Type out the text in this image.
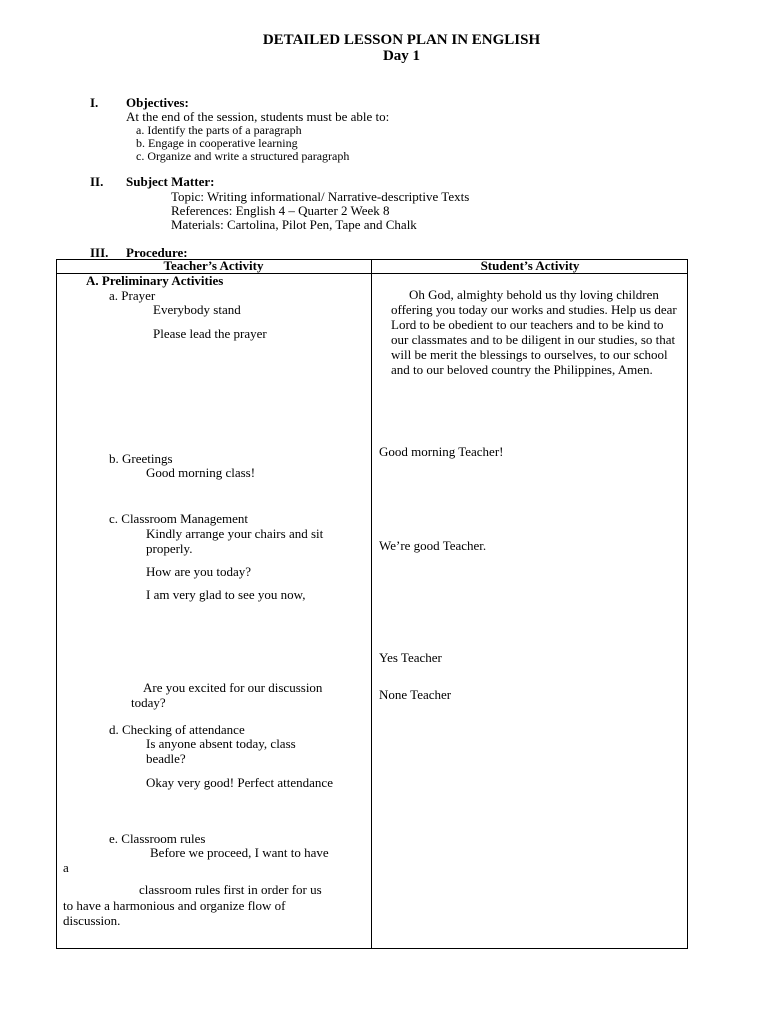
DETAILED LESSON PLAN IN ENGLISH
Day 1
I. Objectives:
At the end of the session, students must be able to:
a. Identify the parts of a paragraph
b. Engage in cooperative learning
c. Organize and write a structured paragraph
II. Subject Matter:
Topic: Writing informational/ Narrative-descriptive Texts
References: English 4 – Quarter 2 Week 8
Materials: Cartolina, Pilot Pen, Tape and Chalk
III. Procedure:
Teacher’s Activity	Student’s Activity
A. Preliminary Activities
a. Prayer
Everybody stand
Please lead the prayer
b. Greetings
Good morning class!
c. Classroom Management
Kindly arrange your chairs and sit
properly.
How are you today?
I am very glad to see you now,
Are you excited for our discussion
today?
d. Checking of attendance
Is anyone absent today, class
beadle?
Okay very good! Perfect attendance
e. Classroom rules
Before we proceed, I want to have
a
classroom rules first in order for us
to have a harmonious and organize flow of
discussion.
Oh God, almighty behold us thy loving children offering you today our works and studies. Help us dear Lord to be obedient to our teachers and to be kind to our classmates and to be diligent in our studies, so that will be merit the blessings to ourselves, to our school and to our beloved country the Philippines, Amen.
Good morning Teacher!
We’re good Teacher.
Yes Teacher
None Teacher
